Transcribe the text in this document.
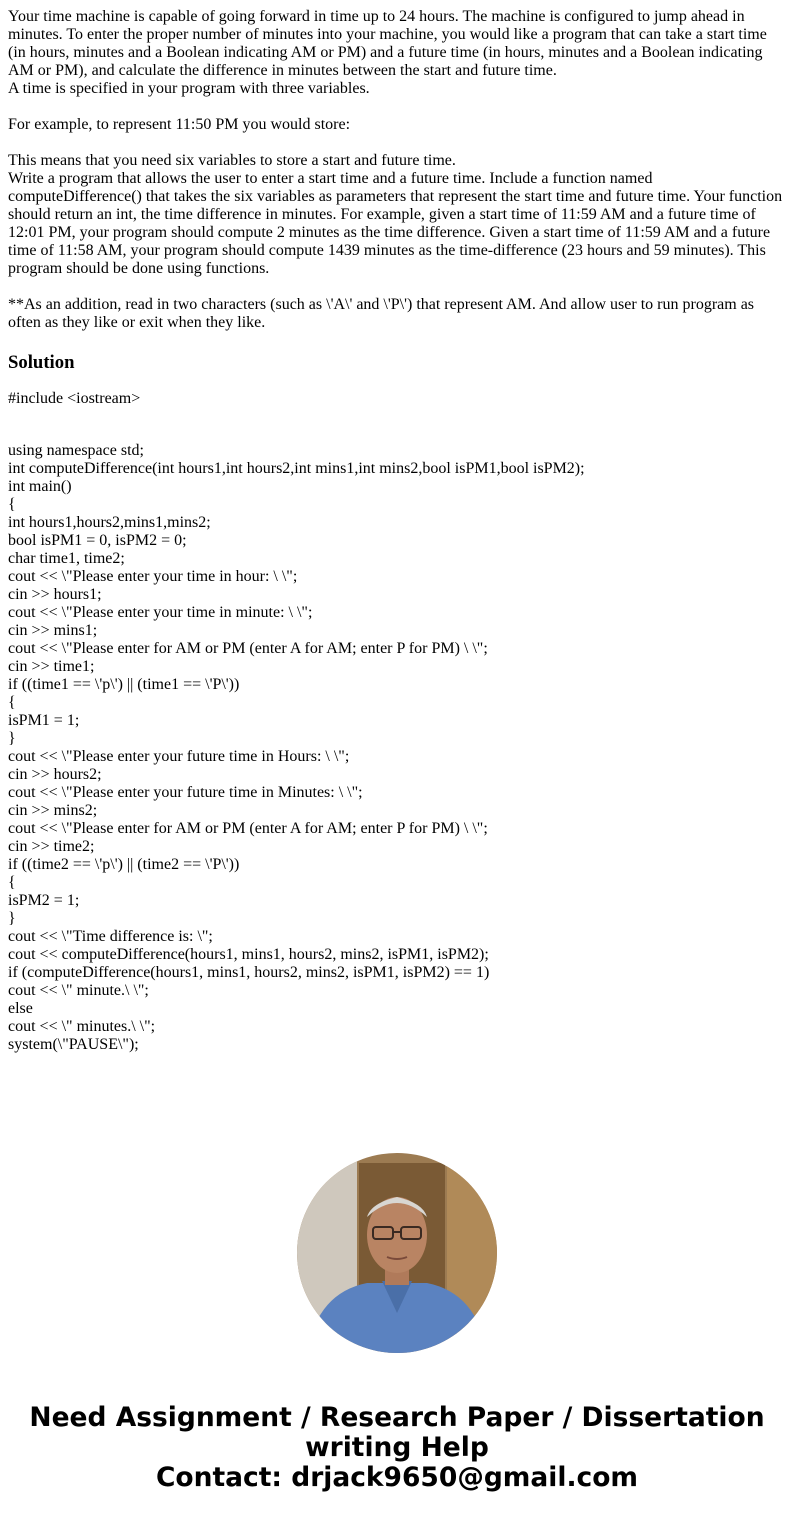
Your time machine is capable of going forward in time up to 24 hours. The machine is configured to jump ahead in minutes. To enter the proper number of minutes into your machine, you would like a program that can take a start time (in hours, minutes and a Boolean indicating AM or PM) and a future time (in hours, minutes and a Boolean indicating AM or PM), and calculate the difference in minutes between the start and future time.
A time is specified in your program with three variables.

For example, to represent 11:50 PM you would store:

This means that you need six variables to store a start and future time.
Write a program that allows the user to enter a start time and a future time. Include a function named computeDifference() that takes the six variables as parameters that represent the start time and future time. Your function should return an int, the time difference in minutes. For example, given a start time of 11:59 AM and a future time of 12:01 PM, your program should compute 2 minutes as the time difference. Given a start time of 11:59 AM and a future time of 11:58 AM, your program should compute 1439 minutes as the time-difference (23 hours and 59 minutes). This program should be done using functions.

**As an addition, read in two characters (such as \'A\' and \'P\') that represent AM. And allow user to run program as often as they like or exit when they like.

Solution

#include <iostream>

using namespace std;

int computeDifference(int hours1,int hours2,int mins1,int mins2,bool isPM1,bool isPM2);

int main()

{
int hours1,hours2,mins1,mins2;
bool isPM1 = 0, isPM2 = 0;
char time1, time2;
cout << \"Please enter your time in hour: \ \";
cin >> hours1;
cout << \"Please enter your time in minute: \ \";
cin >> mins1;
cout << \"Please enter for AM or PM (enter A for AM; enter P for PM) \ \";
cin >> time1;
if ((time1 == \'p\') || (time1 == \'P\'))
{
isPM1 = 1;
}
cout << \"Please enter your future time in Hours: \ \";
cin >> hours2;
cout << \"Please enter your future time in Minutes: \ \";
cin >> mins2;
cout << \"Please enter for AM or PM (enter A for AM; enter P for PM) \ \";
cin >> time2;
if ((time2 == \'p\') || (time2 == \'P\'))
{
isPM2 = 1;
}
cout << \"Time difference is: \";
cout << computeDifference(hours1, mins1, hours2, mins2, isPM1, isPM2);
if (computeDifference(hours1, mins1, hours2, mins2, isPM1, isPM2) == 1)
cout << \" minute.\ \";

else

cout << \" minutes.\ \";
system(\"PAUSE\");
Need Assignment / Research Paper / Dissertation
writing Help
Contact: drjack9650@gmail.com
